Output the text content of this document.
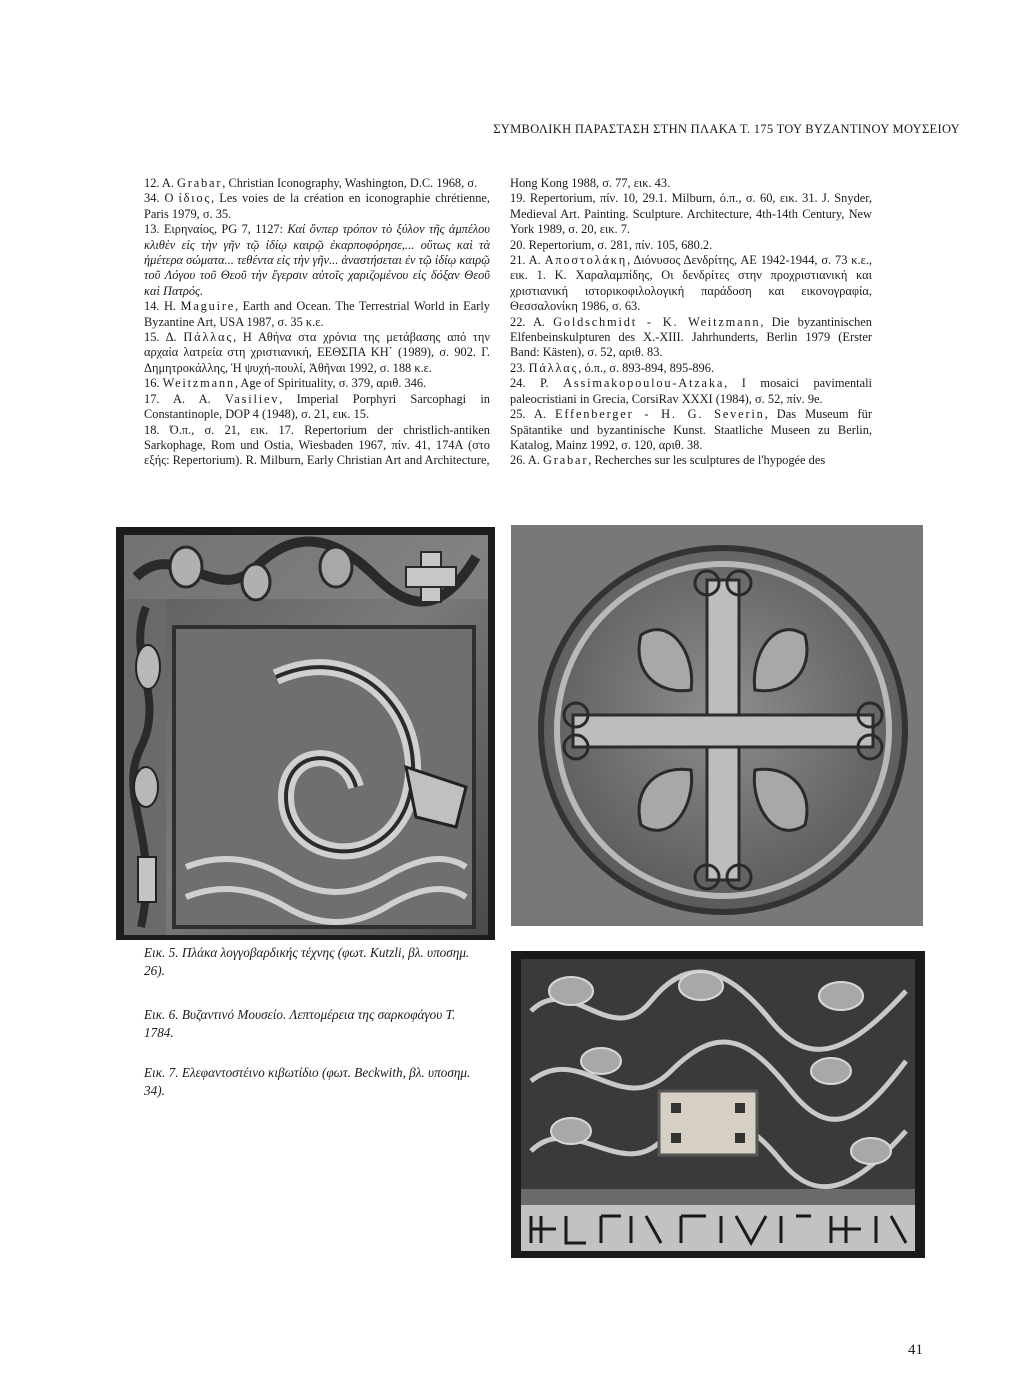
ΣΥΜΒΟΛΙΚΗ ΠΑΡΑΣΤΑΣΗ ΣΤΗΝ ΠΛΑΚΑ Τ. 175 ΤΟΥ ΒΥΖΑΝΤΙΝΟΥ ΜΟΥΣΕΙΟΥ

12. Α. Grabar, Christian Iconography, Washington, D.C. 1968, σ.

34. Ο ίδιος, Les voies de la création en iconographie chrétienne, Paris 1979, σ. 35.

13. Ειρηναίος, PG 7, 1127: Καί ὅνπερ τρόπον τὸ ξύλον τῆς ἀμπέλου κλιθὲν εἰς τὴν γῆν τῷ ἰδίῳ καιρῷ ἐκαρποφόρησε,... οὕτως καὶ τὰ ἡμέτερα σώματα... τεθέντα εἰς τὴν γῆν... ἀναστήσεται ἐν τῷ ἰδίῳ καιρῷ τοῦ Λόγου τοῦ Θεοῦ τὴν ἔγερσιν αὐτοῖς χαριζομένου εἰς δόξαν Θεοῦ καὶ Πατρός.

14. Η. Maguire, Earth and Ocean. The Terrestrial World in Early Byzantine Art, USA 1987, σ. 35 κ.ε.

15. Δ. Πάλλας, Η Αθήνα στα χρόνια της μετάβασης από την αρχαία λατρεία στη χριστιανική, ΕΕΘΣΠΑ ΚΗ΄ (1989), σ. 902. Γ. Δημητροκάλλης, Ἡ ψυχή-πουλί, Ἀθῆναι 1992, σ. 188 κ.ε.

16. Weitzmann, Age of Spirituality, σ. 379, αριθ. 346.

17. Α. Α. Vasiliev, Imperial Porphyri Sarcophagi in Constantinople, DOP 4 (1948), σ. 21, εικ. 15.

18. Ό.π., σ. 21, εικ. 17. Repertorium der christlich-antiken Sarkophage, Rom und Ostia, Wiesbaden 1967, πίν. 41, 174A (στο εξής: Repertorium). R. Milburn, Early Christian Art and Architecture,

Hong Kong 1988, σ. 77, εικ. 43.

19. Repertorium, πίν. 10, 29.1. Milburn, ό.π., σ. 60, εικ. 31. J. Snyder, Medieval Art. Painting. Sculpture. Architecture, 4th-14th Century, New York 1989, σ. 20, εικ. 7.

20. Repertorium, σ. 281, πίν. 105, 680.2.

21. Α. Αποστολάκη, Διόνυσος Δενδρίτης, ΑΕ 1942-1944, σ. 73 κ.ε., εικ. 1. Κ. Χαραλαμπίδης, Οι δενδρίτες στην προχριστιανική και χριστιανική ιστορικοφιλολογική παράδοση και εικονογραφία, Θεσσαλονίκη 1986, σ. 63.

22. Α. Goldschmidt - K. Weitzmann, Die byzantinischen Elfenbeinskulpturen des X.-XIII. Jahrhunderts, Berlin 1979 (Erster Band: Kästen), σ. 52, αριθ. 83.

23. Πάλλας, ό.π., σ. 893-894, 895-896.

24. P. Assimakopoulou-Atzaka, I mosaici pavimentali paleocristiani in Grecia, CorsiRav XXXI (1984), σ. 52, πίν. 9e.

25. Α. Effenberger - H. G. Severin, Das Museum für Spätantike und byzantinische Kunst. Staatliche Museen zu Berlin, Katalog, Mainz 1992, σ. 120, αριθ. 38.

26. Α. Grabar, Recherches sur les sculptures de l'hypogée des

Εικ. 5. Πλάκα λογγοβαρδικής τέχνης (φωτ. Kutzli, βλ. υποσημ. 26).
Εικ. 6. Βυζαντινό Μουσείο. Λεπτομέρεια της σαρκοφάγου Τ. 1784.
Εικ. 7. Ελεφαντοστέινο κιβωτίδιο (φωτ. Beckwith, βλ. υποσημ. 34).
41
